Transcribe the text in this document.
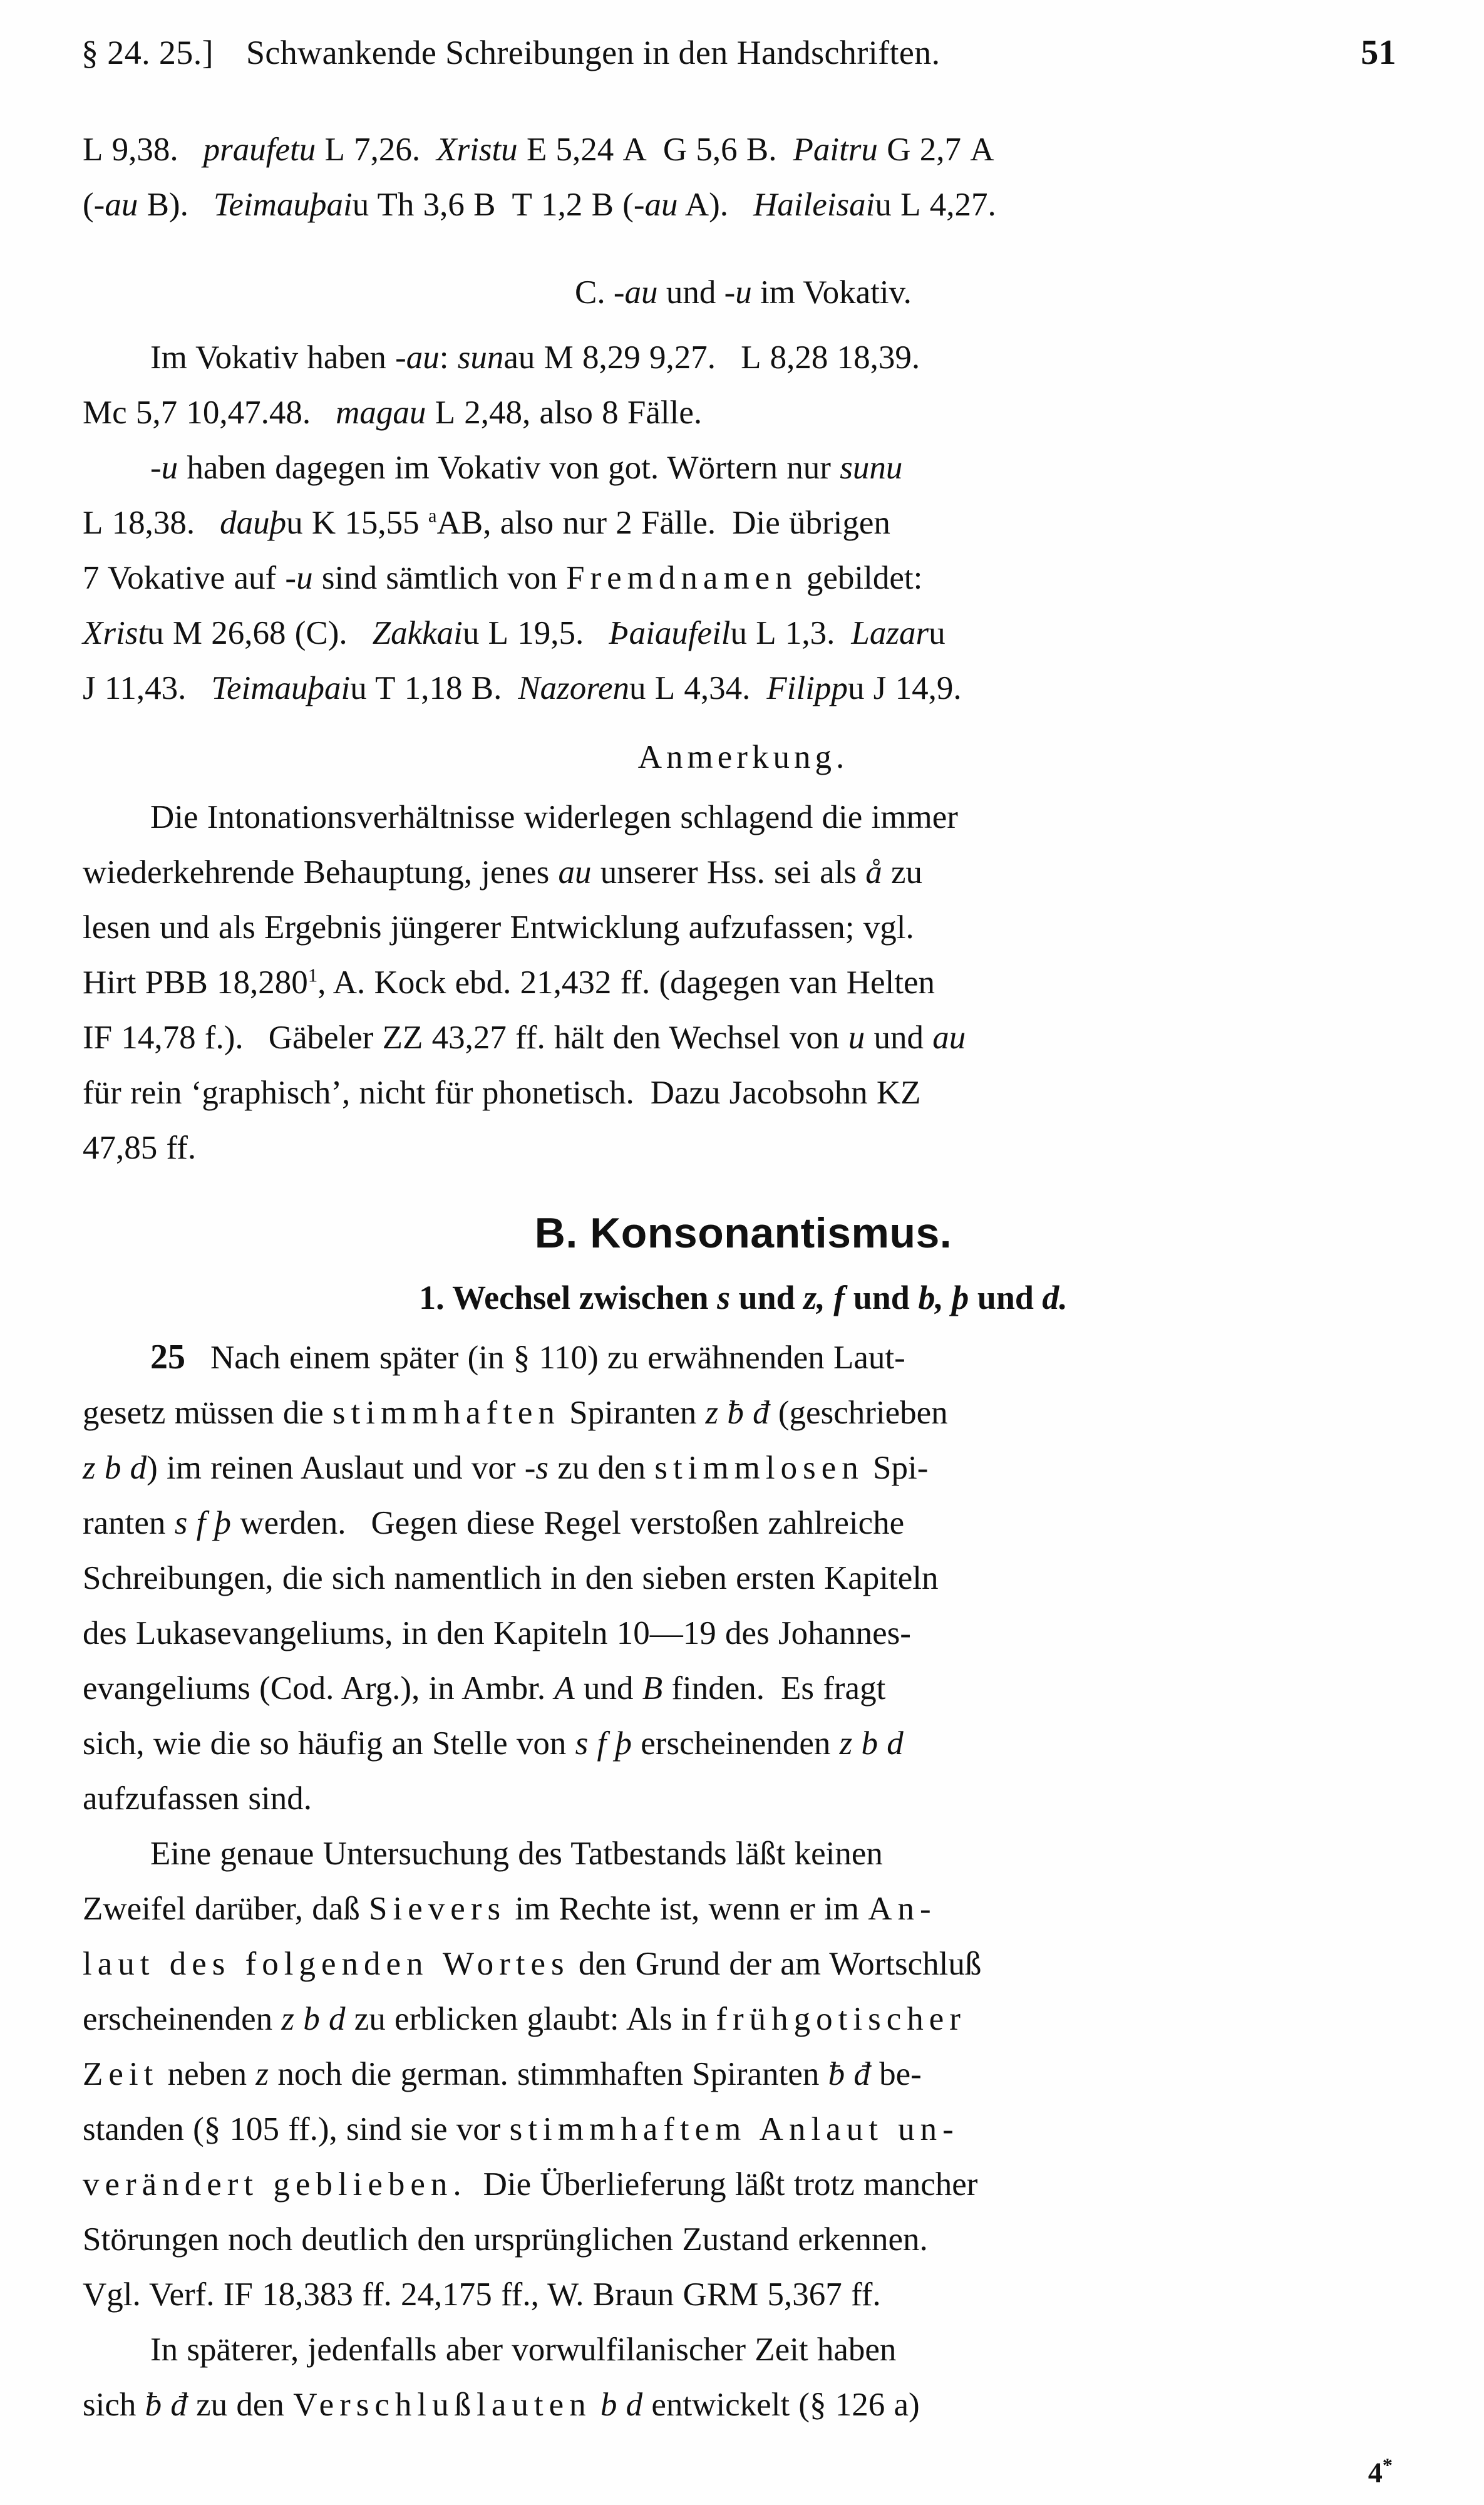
§ 24. 25.] Schwankende Schreibungen in den Handschriften.	51

L 9,38. praufetu L 7,26. Xristu E 5,24 A G 5,6 B. Paitru G 2,7 A
(-au B). Teimauþaiu Th 3,6 B T 1,2 B (-au A). Haileisaiu L 4,27.

C. -au und -u im Vokativ.

Im Vokativ haben -au: sunau M 8,29 9,27. L 8,28 18,39.
Mc 5,7 10,47.48. magau L 2,48, also 8 Fälle.

-u haben dagegen im Vokativ von got. Wörtern nur sunu
L 18,38. dauþu K 15,55 $^a$AB, also nur 2 Fälle. Die übrigen
7 Vokative auf -u sind sämtlich von Fremdnamen gebildet:
Xristu M 26,68 (C). Zakkaiu L 19,5. Þaiaufeilu L 1,3. Lazaru
J 11,43. Teimauþaiu T 1,18 B. Nazorenu L 4,34. Filippu J 14,9.

Anmerkung.

Die Intonationsverhältnisse widerlegen schlagend die immer
wiederkehrende Behauptung, jenes au unserer Hss. sei als å zu
lesen und als Ergebnis jüngerer Entwicklung aufzufassen; vgl.
Hirt PBB 18,280$^1$, A. Kock ebd. 21,432 ff. (dagegen van Helten
IF 14,78 f.). Gäbeler ZZ 43,27 ff. hält den Wechsel von u und au
für rein ‘graphisch’, nicht für phonetisch. Dazu Jacobsohn KZ
47,85 ff.

B. Konsonantismus.
1. Wechsel zwischen s und z, f und b, þ und d.

25 Nach einem später (in § 110) zu erwähnenden Laut-
gesetz müssen die stimmhaften Spiranten z ƀ đ (geschrieben
z b d) im reinen Auslaut und vor -s zu den stimmlosen Spi-
ranten s f þ werden. Gegen diese Regel verstoßen zahlreiche
Schreibungen, die sich namentlich in den sieben ersten Kapiteln
des Lukasevangeliums, in den Kapiteln 10—19 des Johannes-
evangeliums (Cod. Arg.), in Ambr. A und B finden. Es fragt
sich, wie die so häufig an Stelle von s f þ erscheinenden z b d
aufzufassen sind.

Eine genaue Untersuchung des Tatbestands läßt keinen
Zweifel darüber, daß Sievers im Rechte ist, wenn er im An-
laut des folgenden Wortes den Grund der am Wortschluß
erscheinenden z b d zu erblicken glaubt: Als in frühgotischer
Zeit neben z noch die german. stimmhaften Spiranten ƀ đ be-
standen (§ 105 ff.), sind sie vor stimmhaftem Anlaut un-
verändert geblieben. Die Überlieferung läßt trotz mancher
Störungen noch deutlich den ursprünglichen Zustand erkennen.
Vgl. Verf. IF 18,383 ff. 24,175 ff., W. Braun GRM 5,367 ff.

In späterer, jedenfalls aber vorwulfilanischer Zeit haben
sich ƀ đ zu den Verschlußlauten b d entwickelt (§ 126 a)

4*
